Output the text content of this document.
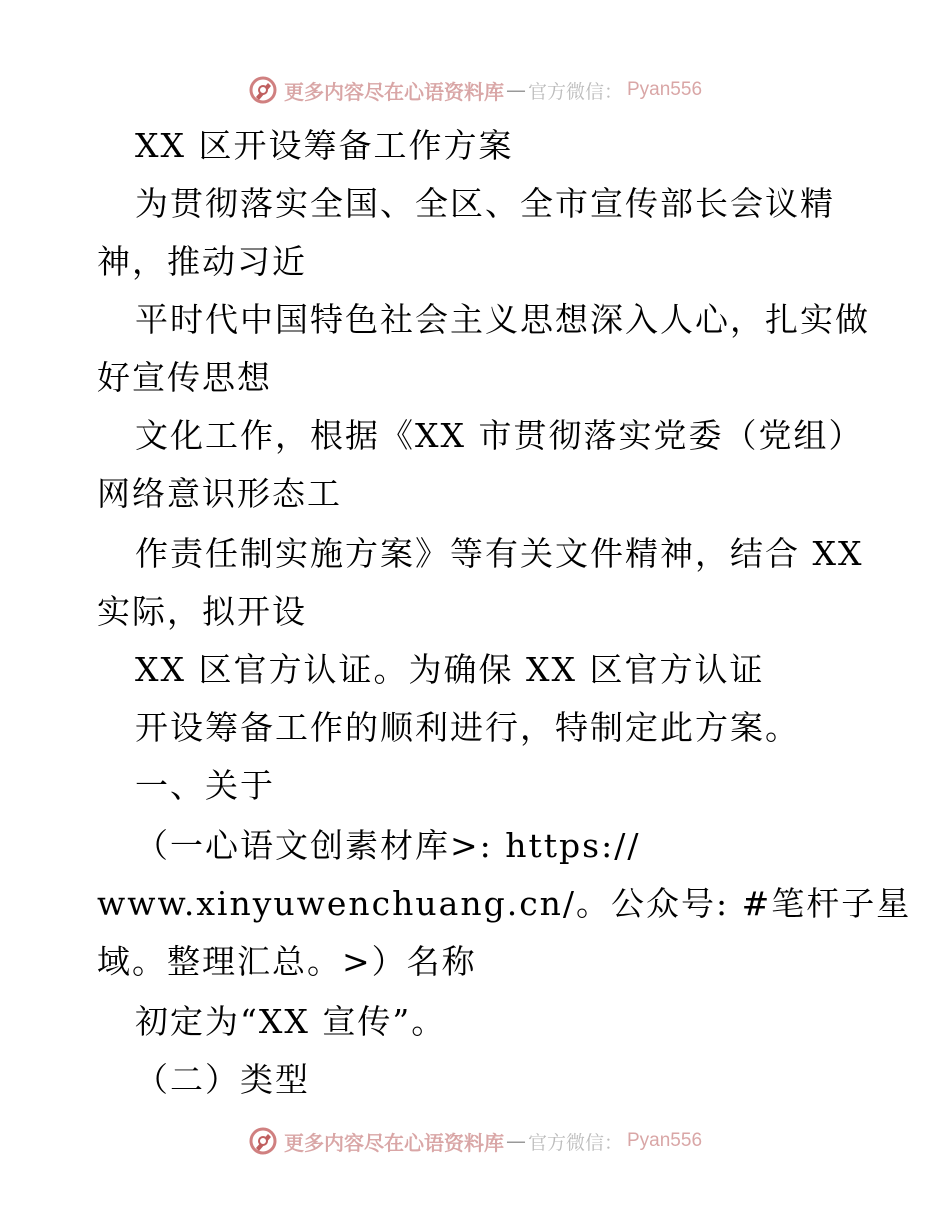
更多内容尽在心语资料库 — 官方微信： Pyan556
XX 区开设筹备工作方案
为贯彻落实全国、全区、全市宣传部长会议精
神，推动习近
平时代中国特色社会主义思想深入人心，扎实做
好宣传思想
文化工作，根据《XX 市贯彻落实党委（党组）
网络意识形态工
作责任制实施方案》等有关文件精神，结合 XX
实际，拟开设
XX 区官方认证。为确保 XX 区官方认证
开设筹备工作的顺利进行，特制定此方案。
一、关于
（一心语文创素材库>: https://
www.xinyuwenchuang.cn/。公众号: #笔杆子星
域。整理汇总。>）名称
初定为“XX 宣传”。
（二）类型
更多内容尽在心语资料库 — 官方微信： Pyan556
